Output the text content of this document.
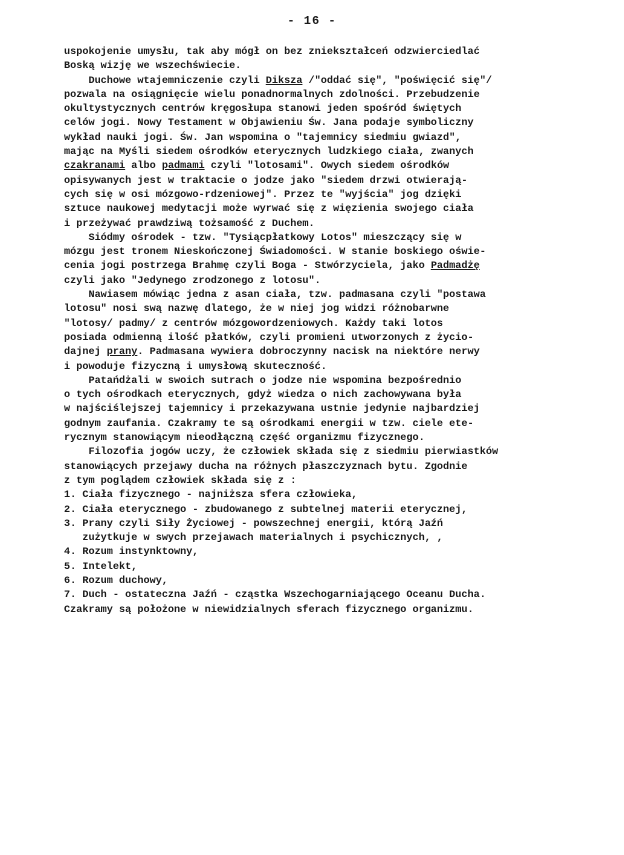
- 16 -
uspokojenie umysłu, tak aby mógł on bez zniekształceń odzwierciedlać
Boską wizję we wszechświecie.
Duchowe wtajemniczenie czyli Diksza /"oddać się", "poświęcić się"/
pozwala na osiągnięcie wielu ponadnormalnych zdolności. Przebudzenie
okultystycznych centrów kręgosłupa stanowi jeden spośród świętych
celów jogi. Nowy Testament w Objawieniu Św. Jana podaje symboliczny
wykład nauki jogi. Św. Jan wspomina o "tajemnicy siedmiu gwiazd",
mając na Myśli siedem ośrodków eterycznych ludzkiego ciała, zwanych
czakranami albo padmami czyli "lotosami". Owych siedem ośrodków
opisywanych jest w traktacie o jodze jako "siedem drzwi otwierają-
cych się w osi mózgowo-rdzeniowej". Przez te "wyjścia" jog dzięki
sztuce naukowej medytacji może wyrwać się z więzienia swojego ciała
i przeżywać prawdziwą tożsamość z Duchem.
Siódmy ośrodek - tzw. "Tysiącpłatkowy Lotos" mieszczący się w
mózgu jest tronem Nieskończonej Świadomości. W stanie boskiego oświe-
cenia jogi postrzega Brahmę czyli Boga - Stwórzyciela, jako Padmadżę
czyli jako "Jedynego zrodzonego z lotosu".
Nawiasem mówiąc jedna z asan ciała, tzw. padmasana czyli "postawa
lotosu" nosi swą nazwę dlatego, że w niej jog widzi różnobarwne
"lotosy/ padmy/ z centrów mózgowordzeniowych. Każdy taki lotos
posiada odmienną ilość płatków, czyli promieni utworzonych z życio-
dajnej prany. Padmasana wywiera dobroczynny nacisk na niektóre nerwy
i powoduje fizyczną i umysłową skuteczność.
Patańdżali w swoich sutrach o jodze nie wspomina bezpośrednio
o tych ośrodkach eterycznych, gdyż wiedza o nich zachowywana była
w najściślejszej tajemnicy i przekazywana ustnie jedynie najbardziej
godnym zaufania. Czakramy te są ośrodkami energii w tzw. ciele ete-
rycznym stanowiącym nieodłączną część organizmu fizycznego.
Filozofia jogów uczy, że człowiek składa się z siedmiu pierwiastków
stanowiących przejawy ducha na różnych płaszczyznach bytu. Zgodnie
z tym poglądem człowiek składa się z :
1. Ciała fizycznego - najniższa sfera człowieka,
2. Ciała eterycznego - zbudowanego z subtelnej materii eterycznej,
3. Prany czyli Siły Życiowej - powszechnej energii, którą Jaźń
zużytkuje w swych przejawach materialnych i psychicznych, ,
4. Rozum instynktowny,
5. Intelekt,
6. Rozum duchowy,
7. Duch - ostateczna Jaźń - cząstka Wszechogarniającego Oceanu Ducha.
Czakramy są położone w niewidzialnych sferach fizycznego organizmu.
